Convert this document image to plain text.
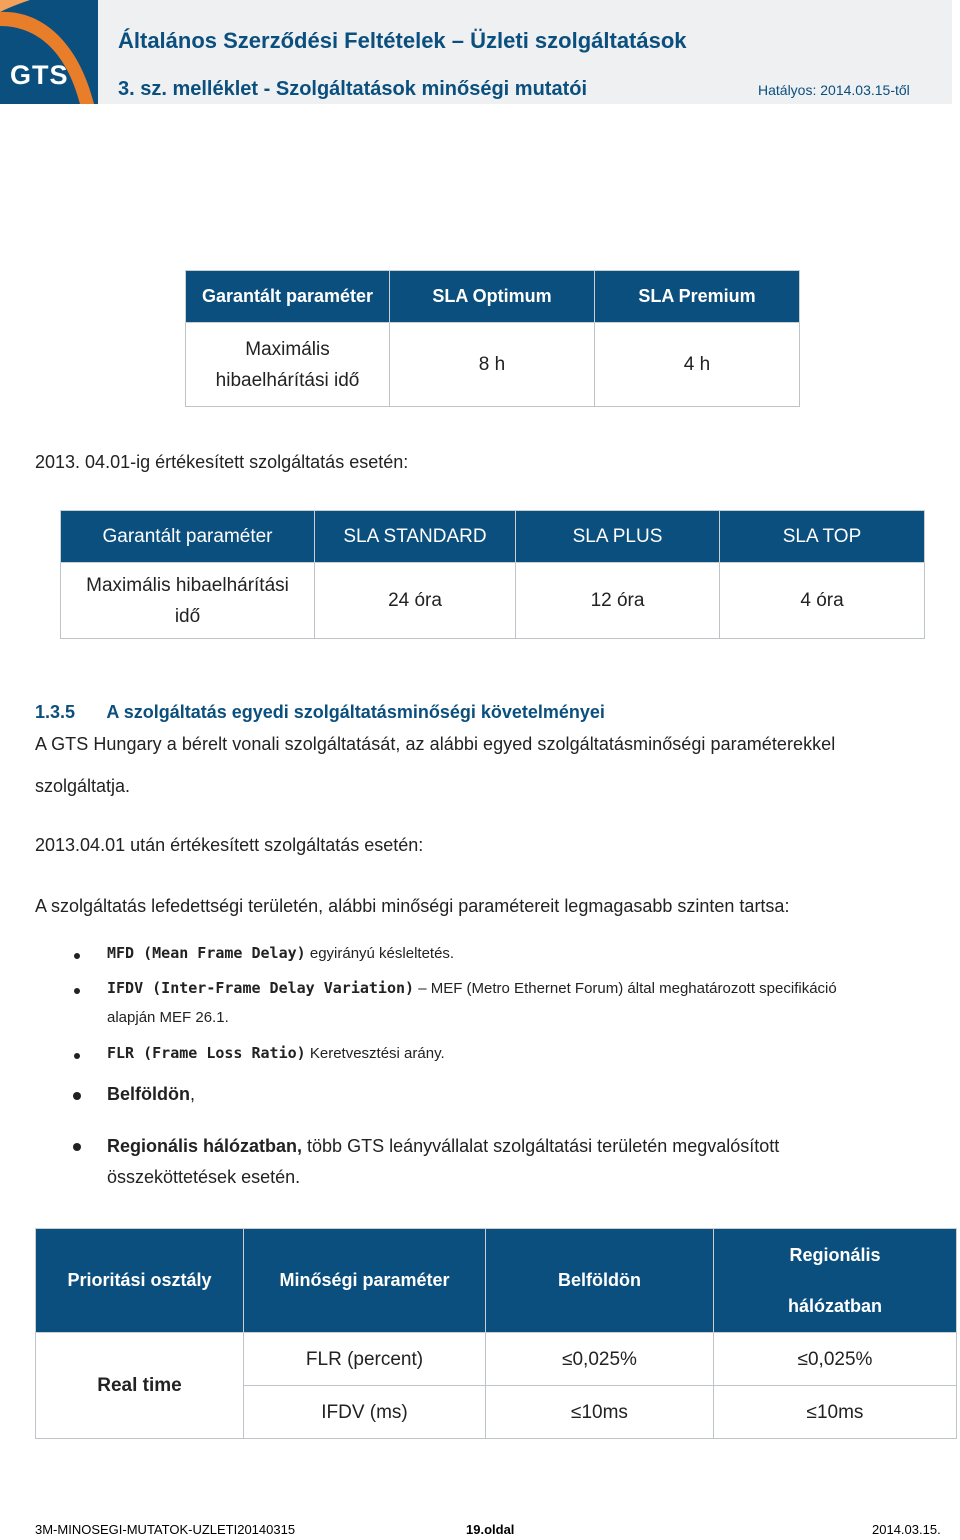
GTS
Általános Szerződési Feltételek – Üzleti szolgáltatások
3. sz. melléklet - Szolgáltatások minőségi mutatói	Hatályos: 2014.03.15-től
Garantált paraméter	SLA Optimum	SLA Premium

Maximális
hibaelhárítási idő	8 h	4 h
2013. 04.01-ig értékesített szolgáltatás esetén:
Garantált paraméter	SLA STANDARD	SLA PLUS	SLA TOP

Maximális hibaelhárítási
idő	24 óra	12 óra	4 óra
1.3.5 A szolgáltatás egyedi szolgáltatásminőségi követelményei
A GTS Hungary a bérelt vonali szolgáltatását, az alábbi egyed szolgáltatásminőségi paraméterekkel
szolgáltatja.
2013.04.01 után értékesített szolgáltatás esetén:
A szolgáltatás lefedettségi területén, alábbi minőségi paramétereit legmagasabb szinten tartsa:
MFD (Mean Frame Delay) egyirányú késleltetés.
IFDV (Inter-Frame Delay Variation) – MEF (Metro Ethernet Forum) által meghatározott specifikáció
alapján MEF 26.1.
FLR (Frame Loss Ratio) Keretvesztési arány.
Belföldön,
Regionális hálózatban, több GTS leányvállalat szolgáltatási területén megvalósított
összeköttetések esetén.
Prioritási osztály	Minőségi paraméter	Belföldön	Regionális
hálózatban

Real time	FLR (percent)	≤0,025%	≤0,025%
	IFDV (ms)	≤10ms	≤10ms
3M-MINOSEGI-MUTATOK-UZLETI20140315	19.oldal	2014.03.15.
